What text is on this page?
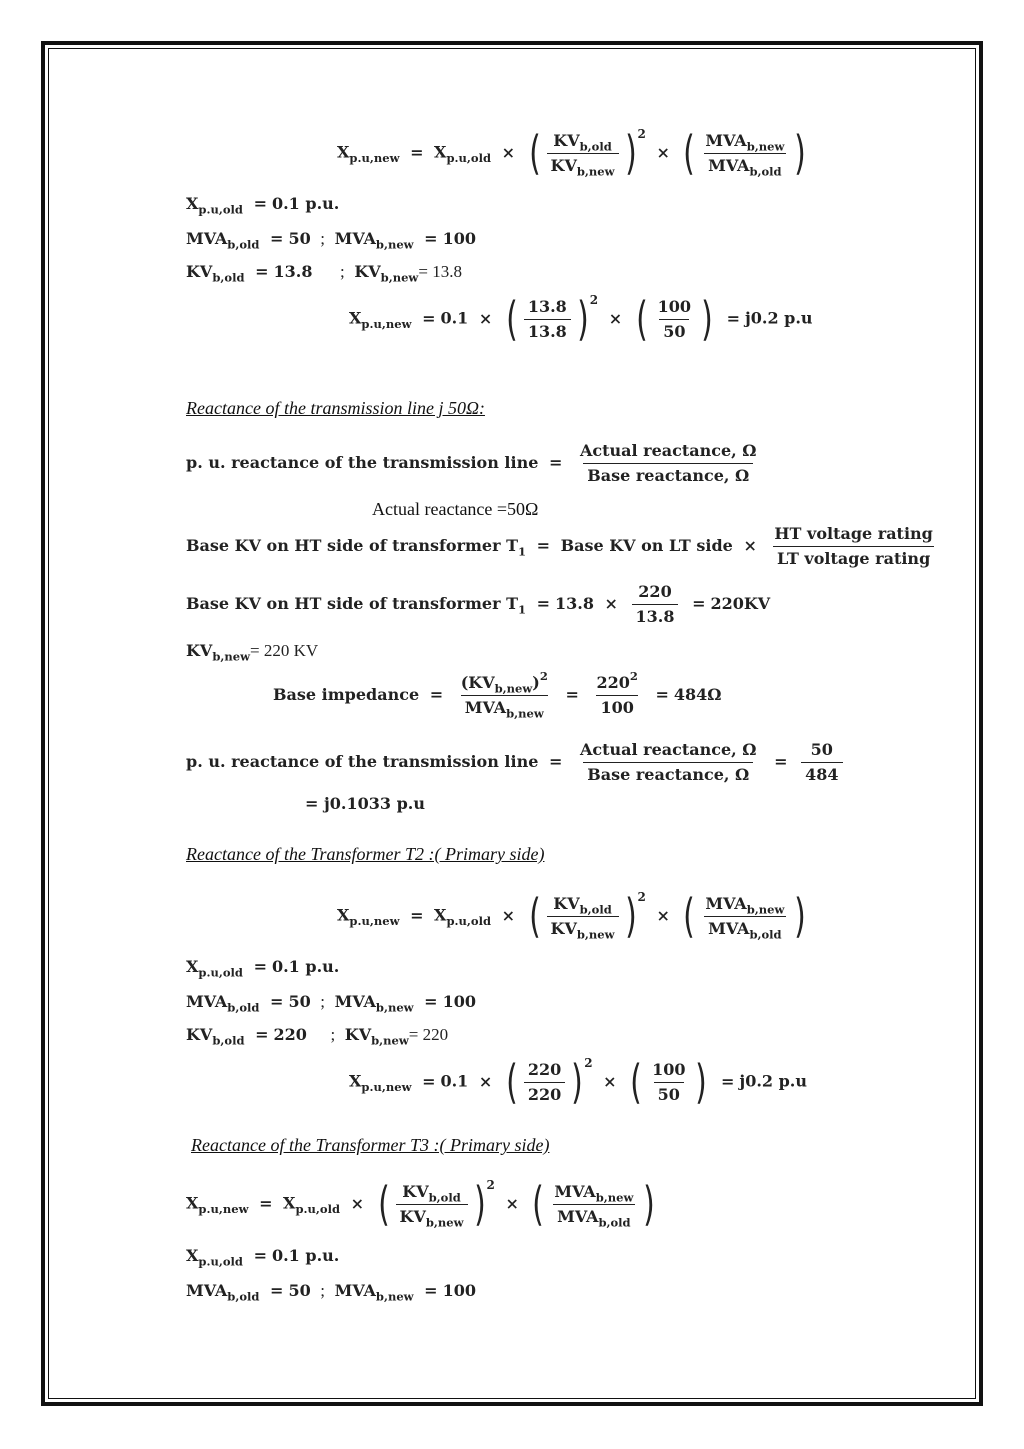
$X_{p.u,new} = X_{p.u,old}$ × ( $\frac{KV_{b,old}}{KV_{b,new}}$ ) 2
× ( $\frac{MVA_{b,new}}{MVA_{b,old}}$ )
$X_{p.u,old} = 0.1$ p.u.
$MVA_{b,old} = 50$ ; $MVA_{b,new} = 100$
$KV_{b,old} = 13.8$ ; $KV_{b,new}= 13.8$
$X_{p.u,new} = 0.1$ × ( $\frac{13.8}{13.8}$ ) 2
× ( $\frac{100}{50}$ ) = j0.2 p.u
Reactance of the transmission line j 50Ω:
p. u. reactance of the transmission line = $\frac{\text{Actual reactance, Ω}}{\text{Base reactance, Ω}}$
Actual reactance =50Ω
Base KV on HT side of transformer $T_1$ = Base KV on LT side × $\frac{\text{HT voltage rating}}{\text{LT voltage rating}}$
Base KV on HT side of transformer $T_1 = 13.8 \times \frac{220}{13.8} = 220KV$
$KV_{b,new}= 220$ KV
Base impedance = $\frac{(KV_{b,new})^2}{MVA_{b,new}} = \frac{220^2}{100} = 484\Omega$
p. u. reactance of the transmission line = $\frac{\text{Actual reactance, Ω}}{\text{Base reactance, Ω}} = \frac{50}{484}$
= j0.1033 p.u
Reactance of the Transformer T2 :( Primary side)
$X_{p.u,new} = X_{p.u,old}$ × ( $\frac{KV_{b,old}}{KV_{b,new}}$ ) 2
× ( $\frac{MVA_{b,new}}{MVA_{b,old}}$ )
$X_{p.u,old} = 0.1$ p.u.
$MVA_{b,old} = 50$ ; $MVA_{b,new} = 100$
$KV_{b,old} = 220$ ; $KV_{b,new}= 220$
$X_{p.u,new} = 0.1$ × ( $\frac{220}{220}$ ) 2
× ( $\frac{100}{50}$ ) = j0.2 p.u
Reactance of the Transformer T3 :( Primary side)
$X_{p.u,new} = X_{p.u,old}$ × ( $\frac{KV_{b,old}}{KV_{b,new}}$ ) 2
× ( $\frac{MVA_{b,new}}{MVA_{b,old}}$ )
$X_{p.u,old} = 0.1$ p.u.
$MVA_{b,old} = 50$ ; $MVA_{b,new} = 100$
